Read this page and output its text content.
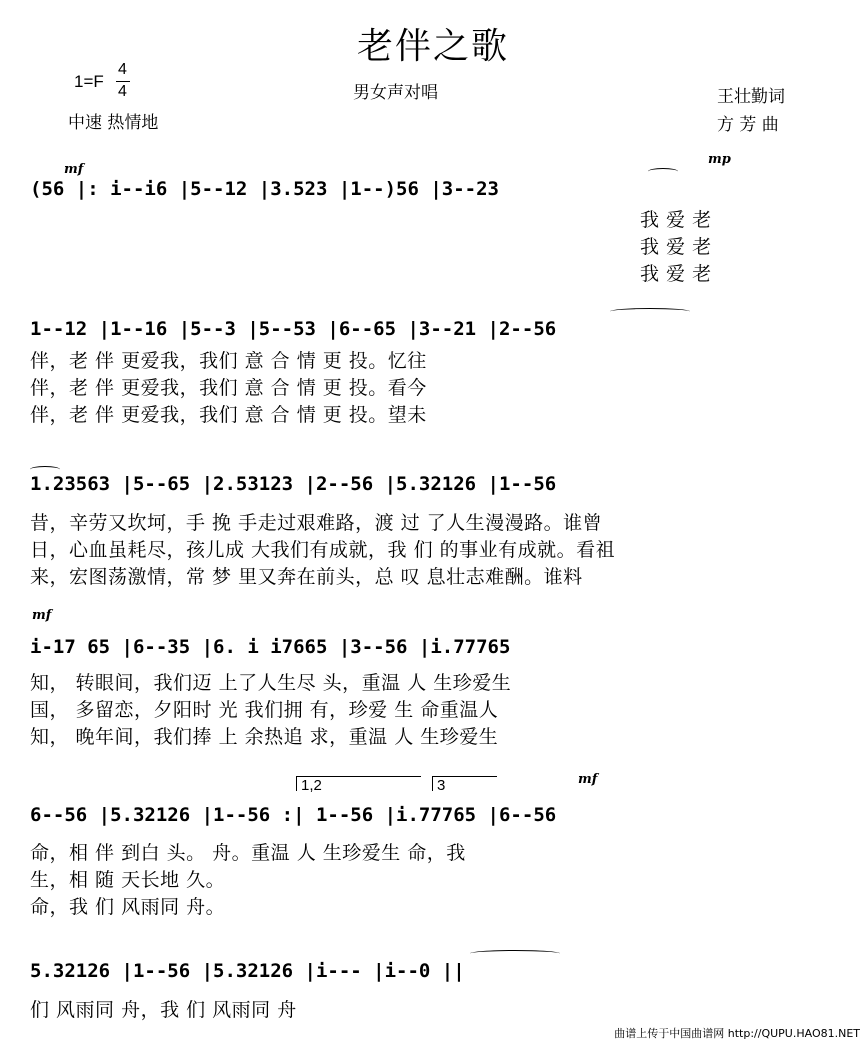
老伴之歌
1=F
4
4	男女声对唱
中速 热情地
王壮勤词
方 芳 曲
mf
mp
mf
mf
1,2	3
(56 |: i--i6 |5--12 |3.523 |1--)56 |3--23
我 爱 老
我 爱 老
我 爱 老
1--12 |1--16 |5--3 |5--53 |6--65 |3--21 |2--56
伴，老 伴 更爱我，我们 意 合 情 更 投。忆往
伴，老 伴 更爱我，我们 意 合 情 更 投。看今
伴，老 伴 更爱我，我们 意 合 情 更 投。望未
1.23563 |5--65 |2.53123 |2--56 |5.32126 |1--56
昔，辛劳又坎坷，手 挽 手走过艰难路，渡 过 了人生漫漫路。谁曾
日，心血虽耗尽，孩儿成 大我们有成就，我 们 的事业有成就。看祖
来，宏图荡激情，常 梦 里又奔在前头，总 叹 息壮志难酬。谁料
i-17 65 |6--35 |6. i i7665 |3--56 |i.77765
知， 转眼间，我们迈 上了人生尽 头，重温 人 生珍爱生
国， 多留恋，夕阳时 光 我们拥 有，珍爱 生 命重温人
知， 晚年间，我们捧 上 余热追 求，重温 人 生珍爱生
6--56 |5.32126 |1--56 :| 1--56 |i.77765 |6--56
命，相 伴 到白 头。 舟。重温 人 生珍爱生 命，我
生，相 随 天长地 久。
命，我 们 风雨同 舟。
5.32126 |1--56 |5.32126 |i--- |i--0 ||
们 风雨同 舟，我 们 风雨同 舟
曲谱上传于中国曲谱网 http://QUPU.HAO81.NET
